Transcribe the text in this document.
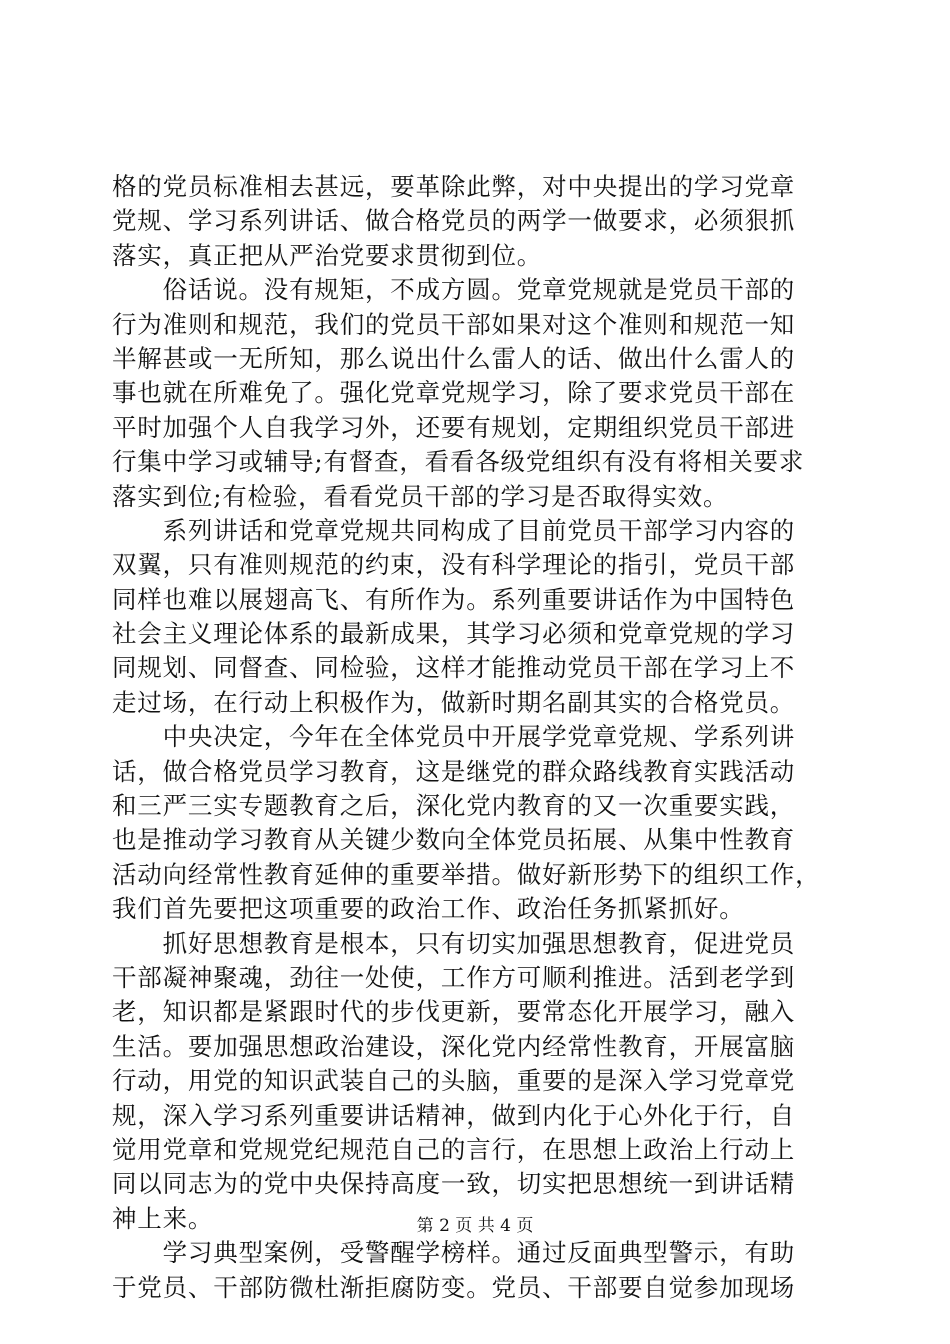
格的党员标准相去甚远，要革除此弊，对中央提出的学习党章
党规、学习系列讲话、做合格党员的两学一做要求，必须狠抓
落实，真正把从严治党要求贯彻到位。
　　俗话说。没有规矩，不成方圆。党章党规就是党员干部的
行为准则和规范，我们的党员干部如果对这个准则和规范一知
半解甚或一无所知，那么说出什么雷人的话、做出什么雷人的
事也就在所难免了。强化党章党规学习，除了要求党员干部在
平时加强个人自我学习外，还要有规划，定期组织党员干部进
行集中学习或辅导;有督查，看看各级党组织有没有将相关要求
落实到位;有检验，看看党员干部的学习是否取得实效。
　　系列讲话和党章党规共同构成了目前党员干部学习内容的
双翼，只有准则规范的约束，没有科学理论的指引，党员干部
同样也难以展翅高飞、有所作为。系列重要讲话作为中国特色
社会主义理论体系的最新成果，其学习必须和党章党规的学习
同规划、同督查、同检验，这样才能推动党员干部在学习上不
走过场，在行动上积极作为，做新时期名副其实的合格党员。
　　中央决定，今年在全体党员中开展学党章党规、学系列讲
话，做合格党员学习教育，这是继党的群众路线教育实践活动
和三严三实专题教育之后，深化党内教育的又一次重要实践，
也是推动学习教育从关键少数向全体党员拓展、从集中性教育
活动向经常性教育延伸的重要举措。做好新形势下的组织工作，
我们首先要把这项重要的政治工作、政治任务抓紧抓好。
　　抓好思想教育是根本，只有切实加强思想教育，促进党员
干部凝神聚魂，劲往一处使，工作方可顺利推进。活到老学到
老，知识都是紧跟时代的步伐更新，要常态化开展学习，融入
生活。要加强思想政治建设，深化党内经常性教育，开展富脑
行动，用党的知识武装自己的头脑，重要的是深入学习党章党
规，深入学习系列重要讲话精神，做到内化于心外化于行，自
觉用党章和党规党纪规范自己的言行，在思想上政治上行动上
同以同志为的党中央保持高度一致，切实把思想统一到讲话精
神上来。
　　学习典型案例，受警醒学榜样。通过反面典型警示，有助
于党员、干部防微杜渐拒腐防变。党员、干部要自觉参加现场
第 2 页 共 4 页
